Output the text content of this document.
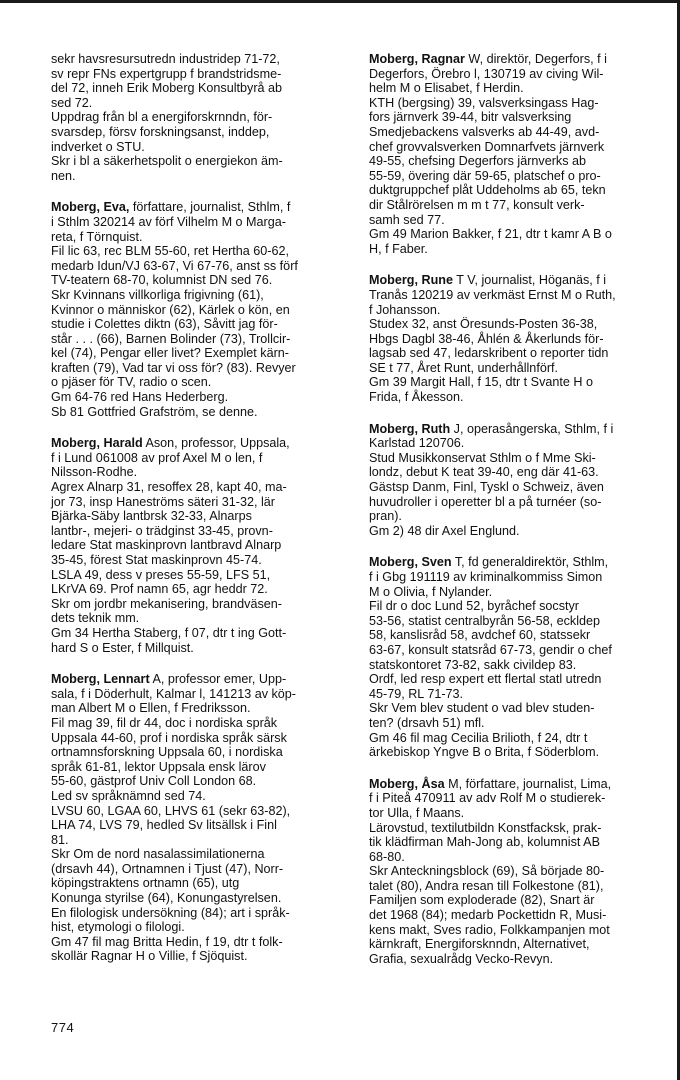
sekr havsresursutredn industridep 71-72,
sv repr FNs expertgrupp f brandstridsme-
del 72, inneh Erik Moberg Konsultbyrå ab
sed 72.
Uppdrag från bl a energiforskrnndn, för-
svarsdep, försv forskningsanst, inddep,
indverket o STU.
Skr i bl a säkerhetspolit o energiekon äm-
nen.
Moberg, Eva, författare, journalist, Sthlm, f
i Sthlm 320214 av förf Vilhelm M o Marga-
reta, f Törnquist.
Fil lic 63, rec BLM 55-60, ret Hertha 60-62,
medarb Idun/VJ 63-67, Vi 67-76, anst ss förf
TV-teatern 68-70, kolumnist DN sed 76.
Skr Kvinnans villkorliga frigivning (61),
Kvinnor o människor (62), Kärlek o kön, en
studie i Colettes diktn (63), Såvitt jag för-
står . . . (66), Barnen Bolinder (73), Trollcir-
kel (74), Pengar eller livet? Exemplet kärn-
kraften (79), Vad tar vi oss för? (83). Revyer
o pjäser för TV, radio o scen.
Gm 64-76 red Hans Hederberg.
Sb 81 Gottfried Grafström, se denne.
Moberg, Harald Ason, professor, Uppsala,
f i Lund 061008 av prof Axel M o len, f
Nilsson-Rodhe.
Agrex Alnarp 31, resoffex 28, kapt 40, ma-
jor 73, insp Haneströms säteri 31-32, lär
Bjärka-Säby lantbrsk 32-33, Alnarps
lantbr-, mejeri- o trädginst 33-45, provn-
ledare Stat maskinprovn lantbravd Alnarp
35-45, förest Stat maskinprovn 45-74.
LSLA 49, dess v preses 55-59, LFS 51,
LKrVA 69. Prof namn 65, agr heddr 72.
Skr om jordbr mekanisering, brandväsen-
dets teknik mm.
Gm 34 Hertha Staberg, f 07, dtr t ing Gott-
hard S o Ester, f Millquist.
Moberg, Lennart A, professor emer, Upp-
sala, f i Döderhult, Kalmar l, 141213 av köp-
man Albert M o Ellen, f Fredriksson.
Fil mag 39, fil dr 44, doc i nordiska språk
Uppsala 44-60, prof i nordiska språk särsk
ortnamnsforskning Uppsala 60, i nordiska
språk 61-81, lektor Uppsala ensk lärov
55-60, gästprof Univ Coll London 68.
Led sv språknämnd sed 74.
LVSU 60, LGAA 60, LHVS 61 (sekr 63-82),
LHA 74, LVS 79, hedled Sv litsällsk i Finl
81.
Skr Om de nord nasalassimilationerna
(drsavh 44), Ortnamnen i Tjust (47), Norr-
köpingstraktens ortnamn (65), utg
Konunga styrilse (64), Konungastyrelsen.
En filologisk undersökning (84); art i språk-
hist, etymologi o filologi.
Gm 47 fil mag Britta Hedin, f 19, dtr t folk-
skollär Ragnar H o Villie, f Sjöquist.
Moberg, Ragnar W, direktör, Degerfors, f i
Degerfors, Örebro l, 130719 av civing Wil-
helm M o Elisabet, f Herdin.
KTH (bergsing) 39, valsverksingass Hag-
fors järnverk 39-44, bitr valsverksing
Smedjebackens valsverks ab 44-49, avd-
chef grovvalsverken Domnarfvets järnverk
49-55, chefsing Degerfors järnverks ab
55-59, övering där 59-65, platschef o pro-
duktgruppchef plåt Uddeholms ab 65, tekn
dir Stålrörelsen m m t 77, konsult verk-
samh sed 77.
Gm 49 Marion Bakker, f 21, dtr t kamr A B o
H, f Faber.
Moberg, Rune T V, journalist, Höganäs, f i
Tranås 120219 av verkmäst Ernst M o Ruth,
f Johansson.
Studex 32, anst Öresunds-Posten 36-38,
Hbgs Dagbl 38-46, Åhlén & Åkerlunds för-
lagsab sed 47, ledarskribent o reporter tidn
SE t 77, Året Runt, underhållnförf.
Gm 39 Margit Hall, f 15, dtr t Svante H o
Frida, f Åkesson.
Moberg, Ruth J, operasångerska, Sthlm, f i
Karlstad 120706.
Stud Musikkonservat Sthlm o f Mme Ski-
londz, debut K teat 39-40, eng där 41-63.
Gästsp Danm, Finl, Tyskl o Schweiz, även
huvudroller i operetter bl a på turnéer (so-
pran).
Gm 2) 48 dir Axel Englund.
Moberg, Sven T, fd generaldirektör, Sthlm,
f i Gbg 191119 av kriminalkommiss Simon
M o Olivia, f Nylander.
Fil dr o doc Lund 52, byråchef socstyr
53-56, statist centralbyrån 56-58, eckldep
58, kanslisråd 58, avdchef 60, statssekr
63-67, konsult statsråd 67-73, gendir o chef
statskontoret 73-82, sakk civildep 83.
Ordf, led resp expert ett flertal statl utredn
45-79, RL 71-73.
Skr Vem blev student o vad blev studen-
ten? (drsavh 51) mfl.
Gm 46 fil mag Cecilia Brilioth, f 24, dtr t
ärkebiskop Yngve B o Brita, f Söderblom.
Moberg, Åsa M, författare, journalist, Lima,
f i Piteå 470911 av adv Rolf M o studierek-
tor Ulla, f Maans.
Lärovstud, textilutbildn Konstfacksk, prak-
tik klädfirman Mah-Jong ab, kolumnist AB
68-80.
Skr Anteckningsblock (69), Så började 80-
talet (80), Andra resan till Folkestone (81),
Familjen som exploderade (82), Snart är
det 1968 (84); medarb Pockettidn R, Musi-
kens makt, Sves radio, Folkkampanjen mot
kärnkraft, Energiforsknndn, Alternativet,
Grafia, sexualrådg Vecko-Revyn.
774
